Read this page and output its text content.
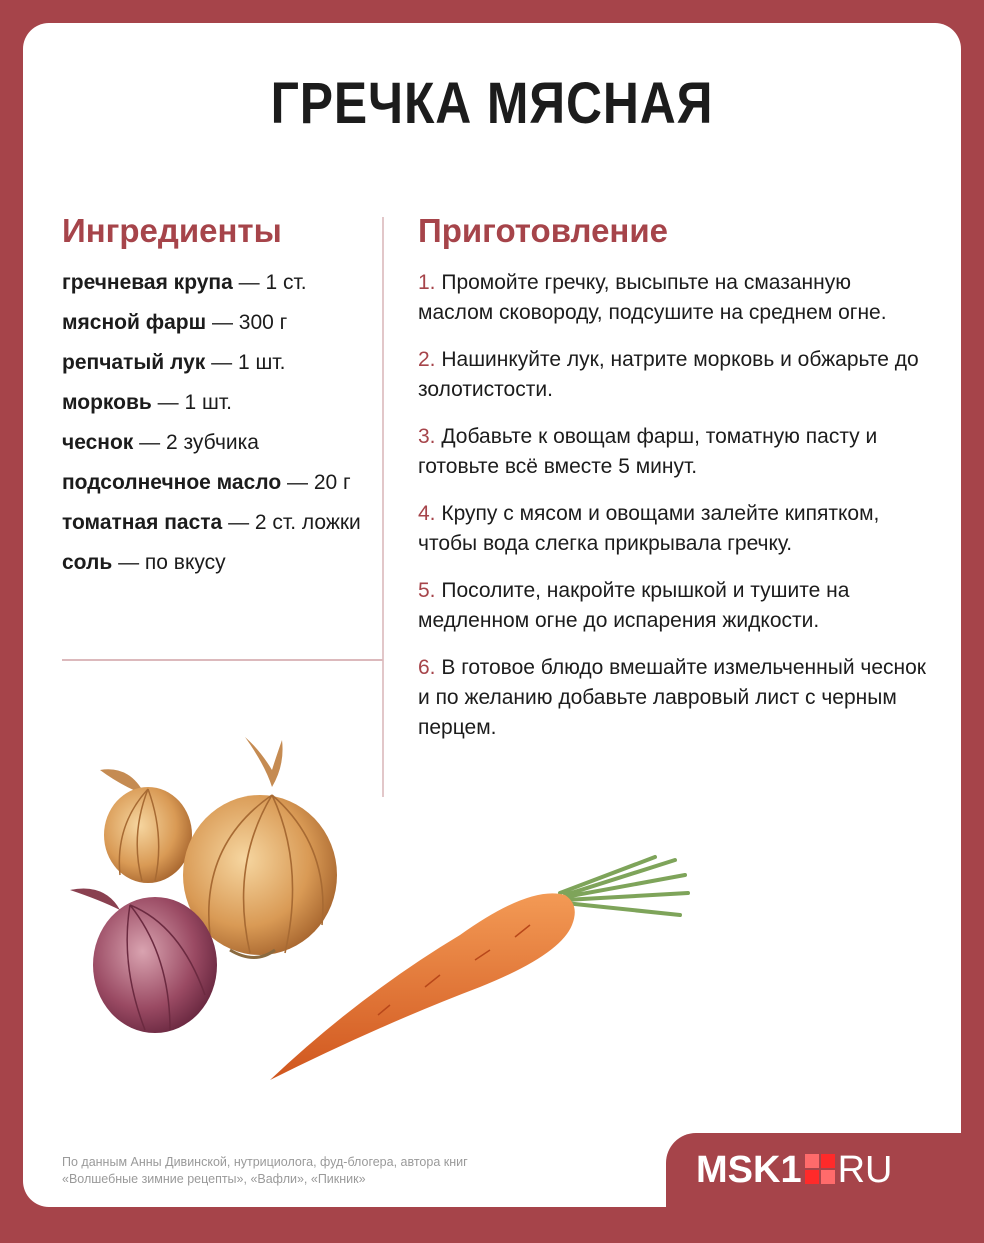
ГРЕЧКА МЯСНАЯ
Ингредиенты	Приготовление
гречневая крупа — 1 ст.
мясной фарш — 300 г
репчатый лук — 1 шт.
морковь — 1 шт.
чеснок — 2 зубчика
подсолнечное масло — 20 г
томатная паста — 2 ст. ложки
соль — по вкусу
1. Промойте гречку, высыпьте на смазанную маслом сковороду, подсушите на среднем огне.
2. Нашинкуйте лук, натрите морковь и обжарьте до золотистости.
3. Добавьте к овощам фарш, томатную пасту и готовьте всё вместе 5 минут.
4. Крупу с мясом и овощами залейте кипятком, чтобы вода слегка прикрывала гречку.
5. Посолите, накройте крышкой и тушите на медленном огне до испарения жидкости.
6. В готовое блюдо вмешайте измельченный чеснок и по желанию добавьте лавровый лист с черным перцем.
По данным Анны Дивинской, нутрициолога, фуд-блогера, автора книг
«Волшебные зимние рецепты», «Вафли», «Пикник»	MSK1 RU
